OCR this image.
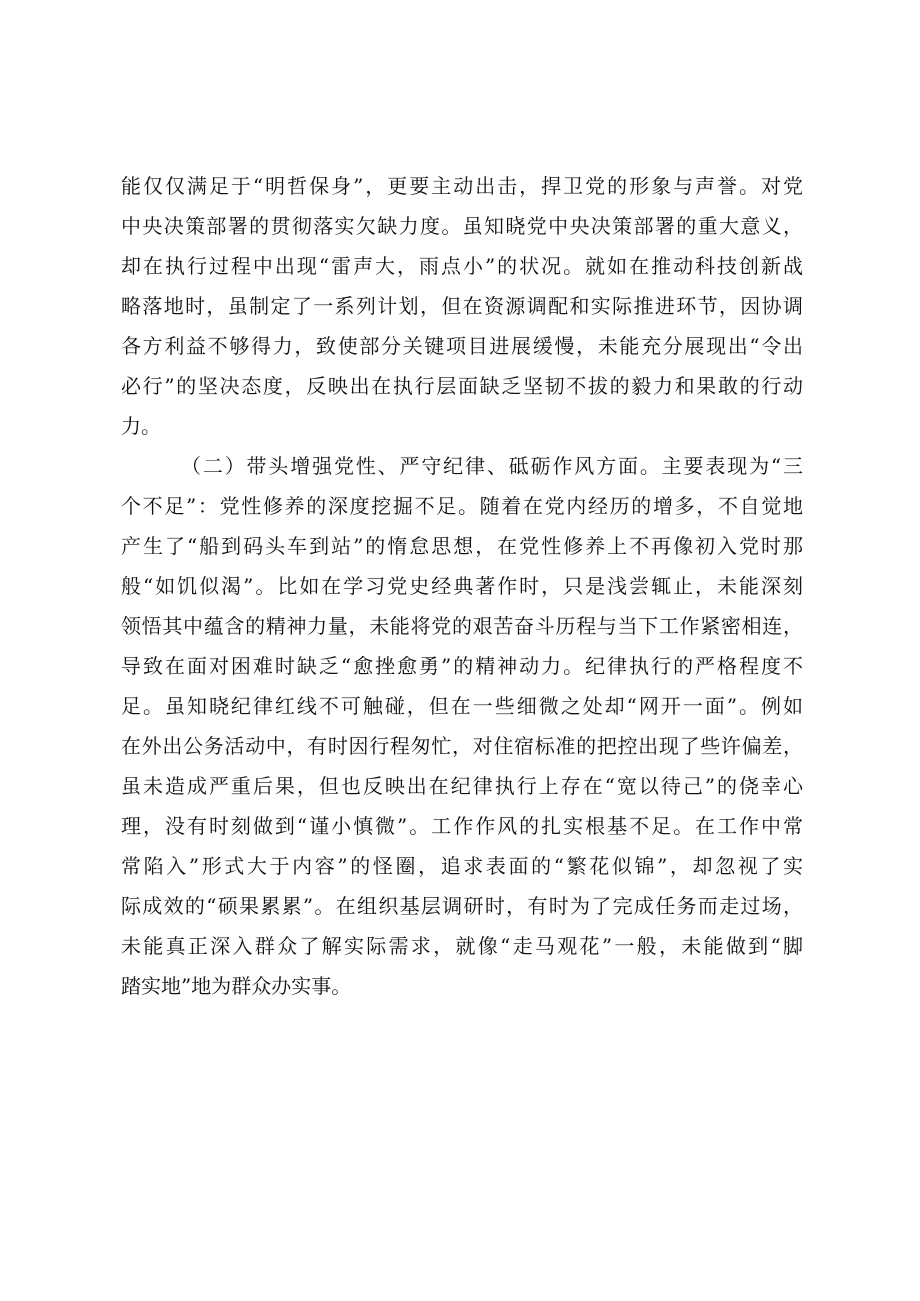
能仅仅满足于“明哲保身”，更要主动出击，捍卫党的形象与声誉。对党
中央决策部署的贯彻落实欠缺力度。虽知晓党中央决策部署的重大意义，
却在执行过程中出现“雷声大，雨点小”的状况。就如在推动科技创新战
略落地时，虽制定了一系列计划，但在资源调配和实际推进环节，因协调
各方利益不够得力，致使部分关键项目进展缓慢，未能充分展现出“令出
必行”的坚决态度，反映出在执行层面缺乏坚韧不拔的毅力和果敢的行动
力。
（二）带头增强党性、严守纪律、砥砺作风方面。主要表现为“三
个不足”：党性修养的深度挖掘不足。随着在党内经历的增多，不自觉地
产生了“船到码头车到站”的惰怠思想，在党性修养上不再像初入党时那
般“如饥似渴”。比如在学习党史经典著作时，只是浅尝辄止，未能深刻
领悟其中蕴含的精神力量，未能将党的艰苦奋斗历程与当下工作紧密相连，
导致在面对困难时缺乏“愈挫愈勇”的精神动力。纪律执行的严格程度不
足。虽知晓纪律红线不可触碰，但在一些细微之处却“网开一面”。例如
在外出公务活动中，有时因行程匆忙，对住宿标准的把控出现了些许偏差，
虽未造成严重后果，但也反映出在纪律执行上存在“宽以待己”的侥幸心
理，没有时刻做到“谨小慎微”。工作作风的扎实根基不足。在工作中常
常陷入”形式大于内容”的怪圈，追求表面的“繁花似锦”，却忽视了实
际成效的“硕果累累”。在组织基层调研时，有时为了完成任务而走过场，
未能真正深入群众了解实际需求，就像“走马观花”一般，未能做到“脚
踏实地”地为群众办实事。
